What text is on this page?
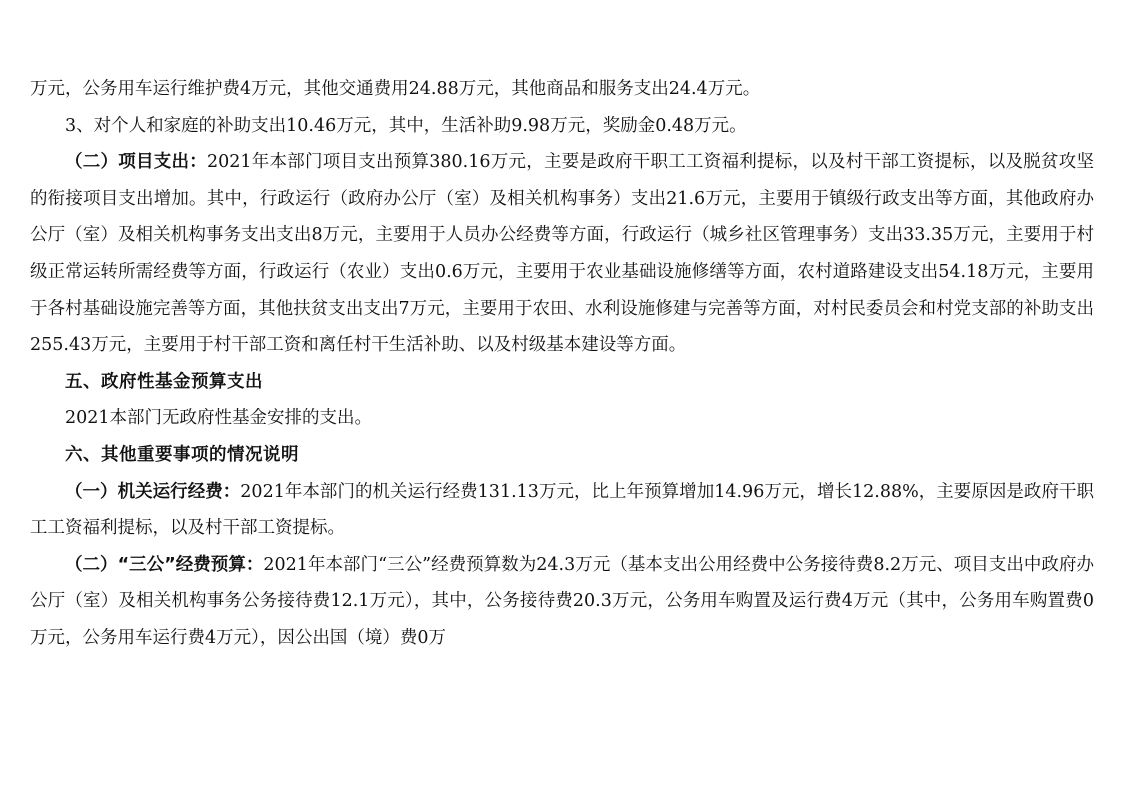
万元，公务用车运行维护费4万元，其他交通费用24.88万元，其他商品和服务支出24.4万元。

3、对个人和家庭的补助支出10.46万元，其中，生活补助9.98万元，奖励金0.48万元。

（二）项目支出：2021年本部门项目支出预算380.16万元，主要是政府干职工工资福利提标，以及村干部工资提标，以及脱贫攻坚的衔接项目支出增加。其中，行政运行（政府办公厅（室）及相关机构事务）支出21.6万元，主要用于镇级行政支出等方面，其他政府办公厅（室）及相关机构事务支出支出8万元，主要用于人员办公经费等方面，行政运行（城乡社区管理事务）支出33.35万元，主要用于村级正常运转所需经费等方面，行政运行（农业）支出0.6万元，主要用于农业基础设施修缮等方面，农村道路建设支出54.18万元，主要用于各村基础设施完善等方面，其他扶贫支出支出7万元，主要用于农田、水利设施修建与完善等方面，对村民委员会和村党支部的补助支出255.43万元，主要用于村干部工资和离任村干生活补助、以及村级基本建设等方面。

五、政府性基金预算支出

2021本部门无政府性基金安排的支出。

六、其他重要事项的情况说明

（一）机关运行经费：2021年本部门的机关运行经费131.13万元，比上年预算增加14.96万元，增长12.88%，主要原因是政府干职工工资福利提标，以及村干部工资提标。

（二）“三公”经费预算：2021年本部门“三公”经费预算数为24.3万元（基本支出公用经费中公务接待费8.2万元、项目支出中政府办公厅（室）及相关机构事务公务接待费12.1万元），其中，公务接待费20.3万元，公务用车购置及运行费4万元（其中，公务用车购置费0万元，公务用车运行费4万元），因公出国（境）费0万
